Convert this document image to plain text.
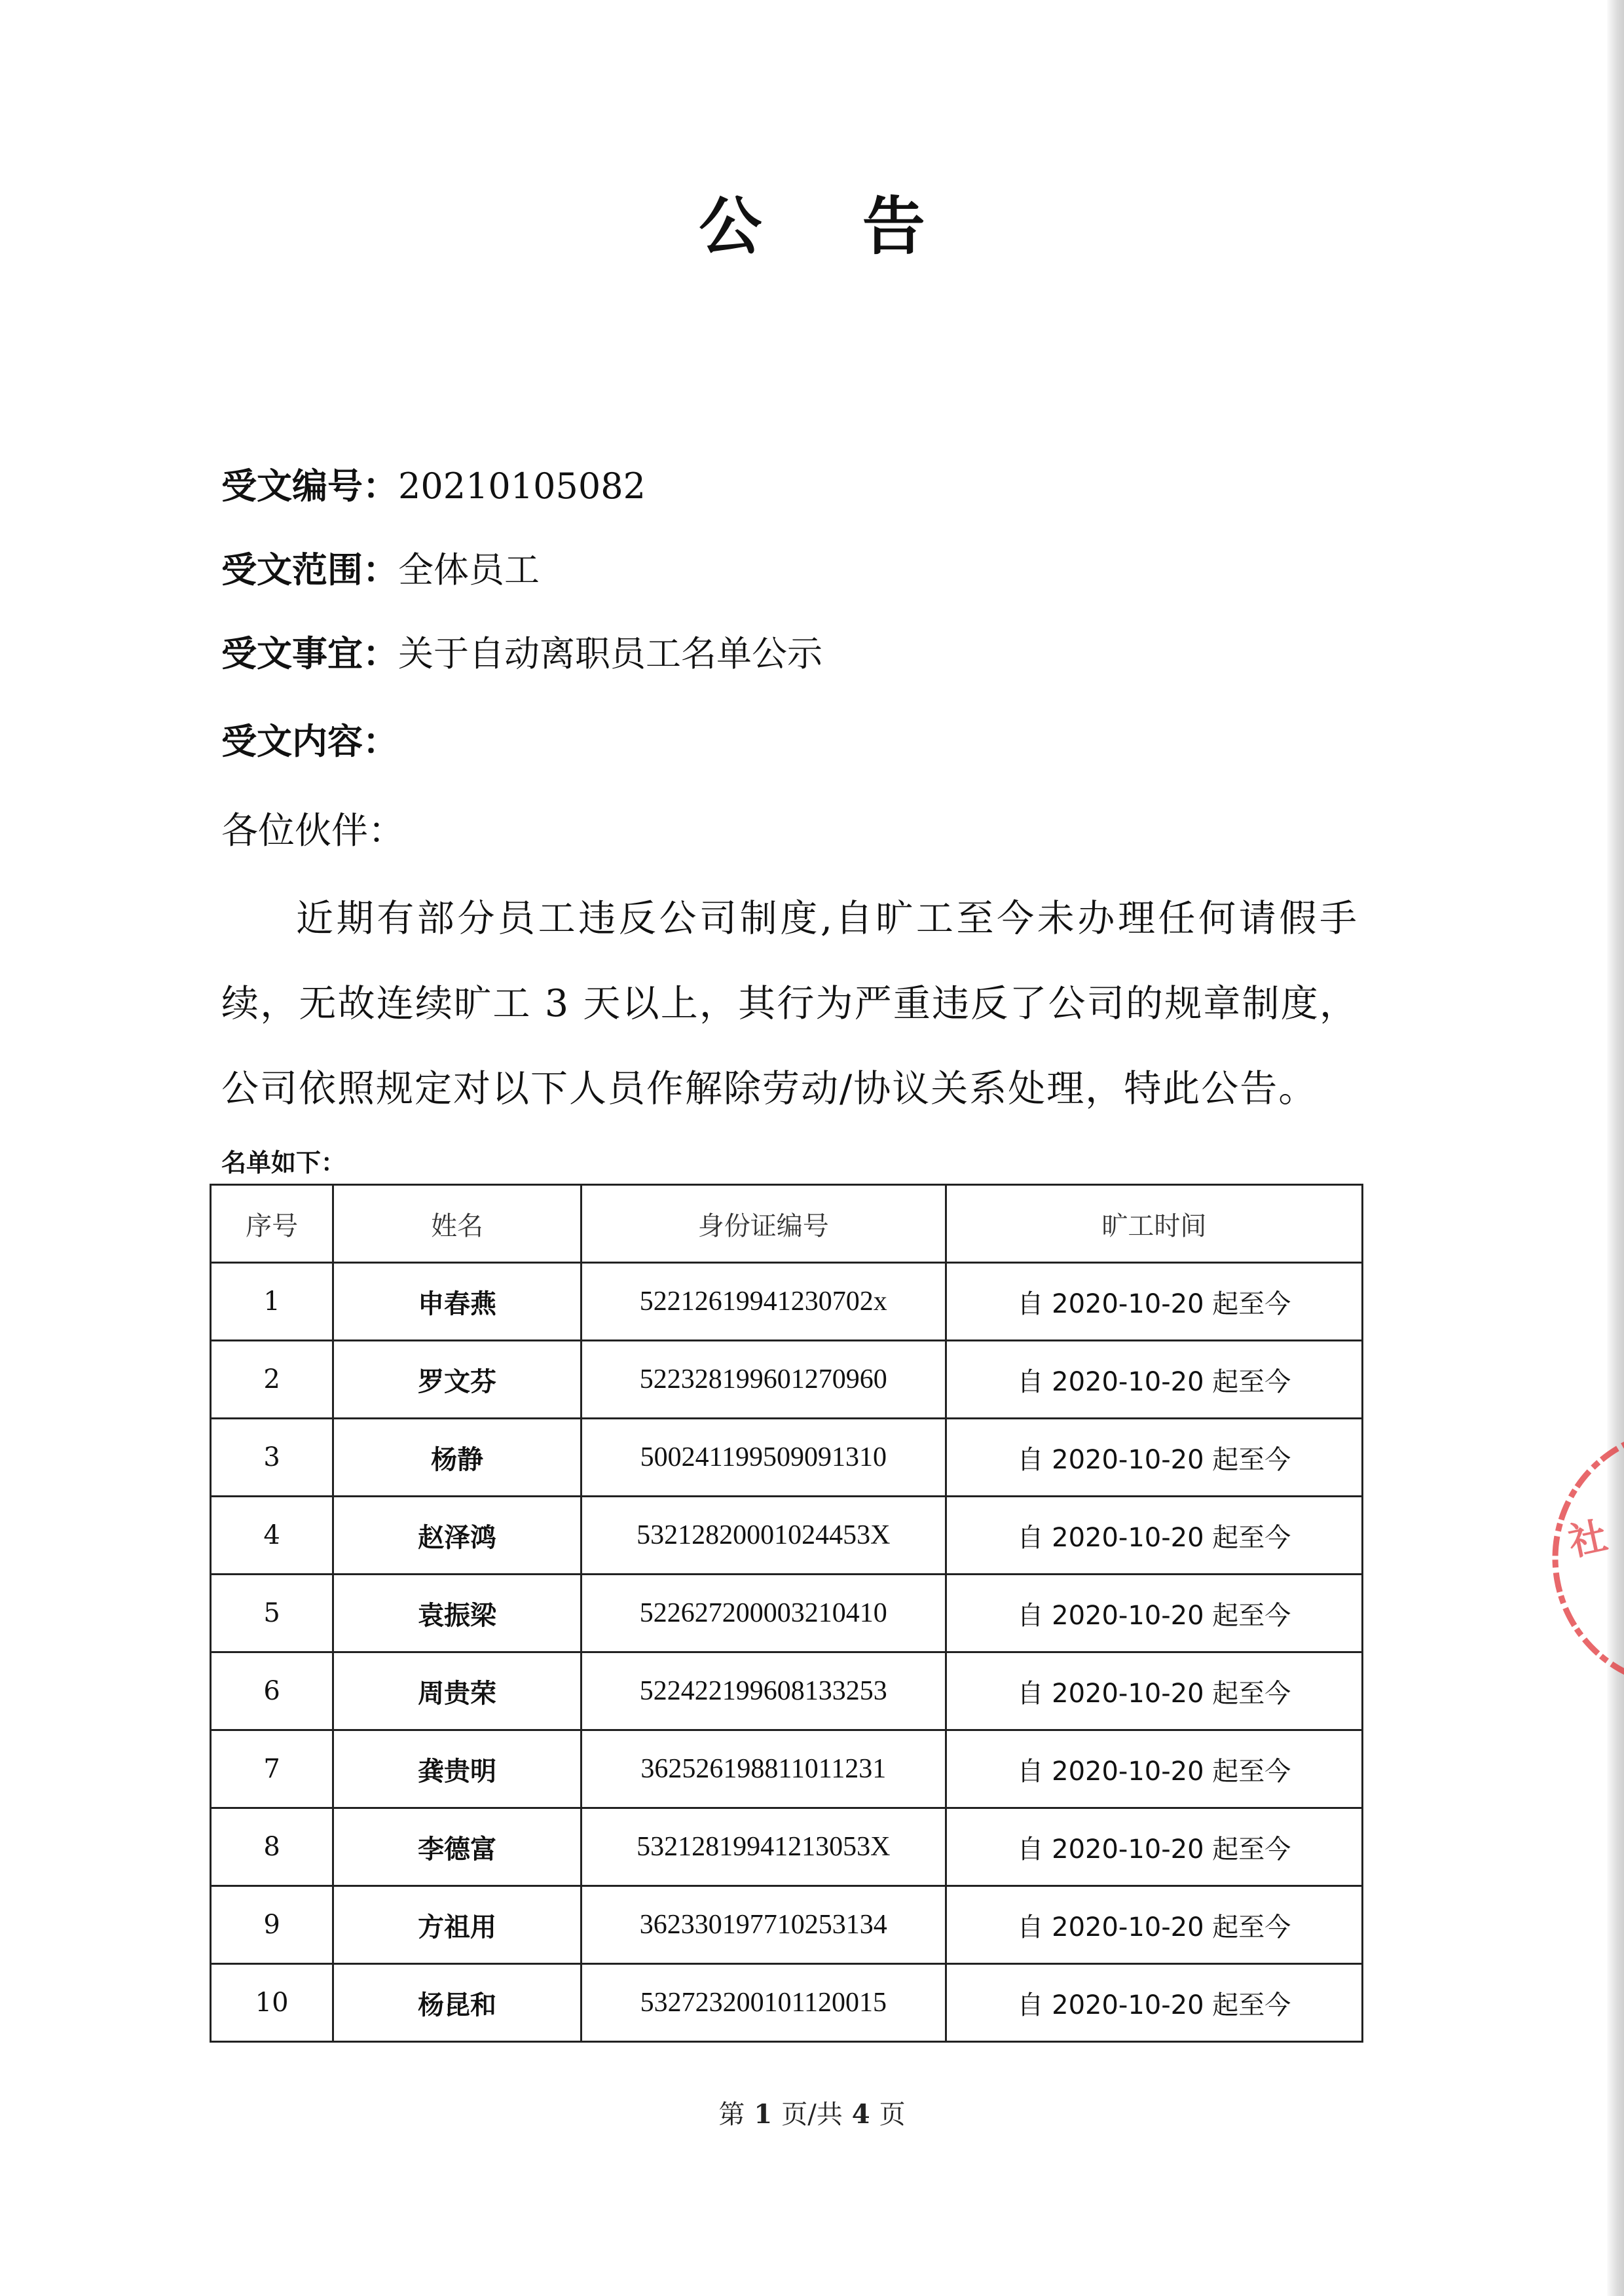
公 告
受文编号：20210105082
受文范围：全体员工
受文事宜：关于自动离职员工名单公示
受文内容：
各位伙伴：
近期有部分员工违反公司制度,自旷工至今未办理任何请假手续，无故连续旷工 3 天以上，其行为严重违反了公司的规章制度，公司依照规定对以下人员作解除劳动/协议关系处理，特此公告。
名单如下：
序号	姓名	身份证编号	旷工时间
1	申春燕	52212619941230702x	自 2020-10-20 起至今
2	罗文芬	522328199601270960	自 2020-10-20 起至今
3	杨静	500241199509091310	自 2020-10-20 起至今
4	赵泽鸿	53212820001024453X	自 2020-10-20 起至今
5	袁振梁	522627200003210410	自 2020-10-20 起至今
6	周贵荣	522422199608133253	自 2020-10-20 起至今
7	龚贵明	362526198811011231	自 2020-10-20 起至今
8	李德富	53212819941213053X	自 2020-10-20 起至今
9	方祖用	362330197710253134	自 2020-10-20 起至今
10	杨昆和	532723200101120015	自 2020-10-20 起至今
第 1 页/共 4 页
社
